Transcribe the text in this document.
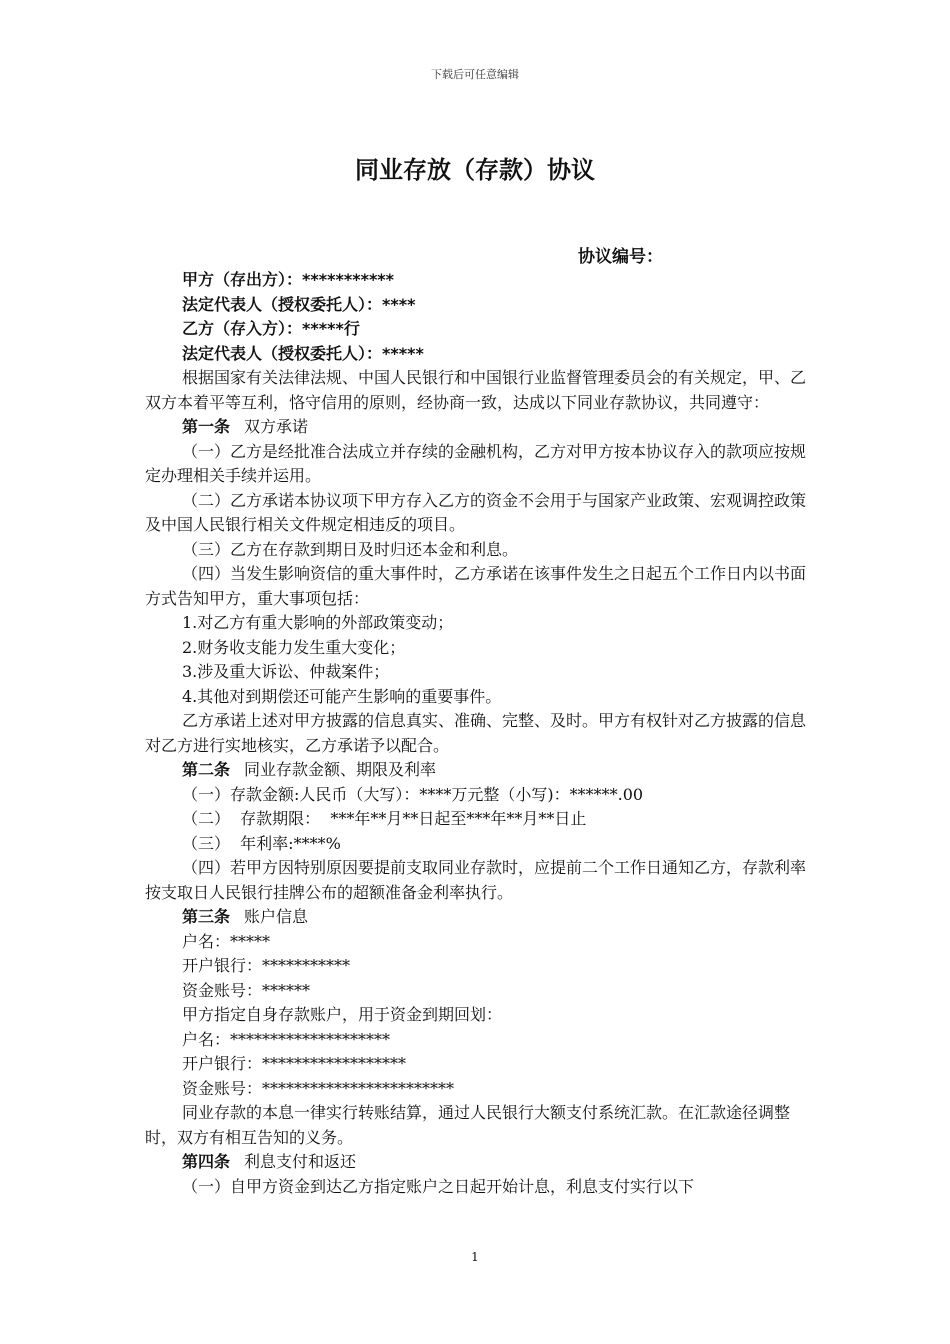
下载后可任意编辑
同业存放（存款）协议
协议编号：

甲方（存出方）：***********

法定代表人（授权委托人）：****

乙方（存入方）：*****行

法定代表人（授权委托人）：*****

根据国家有关法律法规、中国人民银行和中国银行业监督管理委员会的有关规定，甲、乙双方本着平等互利，恪守信用的原则，经协商一致，达成以下同业存款协议，共同遵守：

第一条 双方承诺

（一）乙方是经批准合法成立并存续的金融机构，乙方对甲方按本协议存入的款项应按规定办理相关手续并运用。

（二）乙方承诺本协议项下甲方存入乙方的资金不会用于与国家产业政策、宏观调控政策及中国人民银行相关文件规定相违反的项目。

（三）乙方在存款到期日及时归还本金和利息。

（四）当发生影响资信的重大事件时，乙方承诺在该事件发生之日起五个工作日内以书面方式告知甲方，重大事项包括：

1.对乙方有重大影响的外部政策变动；

2.财务收支能力发生重大变化；

3.涉及重大诉讼、仲裁案件；

4.其他对到期偿还可能产生影响的重要事件。

乙方承诺上述对甲方披露的信息真实、准确、完整、及时。甲方有权针对乙方披露的信息对乙方进行实地核实，乙方承诺予以配合。

第二条 同业存款金额、期限及利率

（一）存款金额:人民币（大写）：****万元整（小写)：******.00

（二）  存款期限：  ***年**月**日起至***年**月**日止

（三）  年利率:****%

（四）若甲方因特别原因要提前支取同业存款时，应提前二个工作日通知乙方，存款利率按支取日人民银行挂牌公布的超额准备金利率执行。

第三条 账户信息

户名：*****

开户银行：***********

资金账号：******

甲方指定自身存款账户，用于资金到期回划：

户名：********************

开户银行：******************

资金账号：************************

同业存款的本息一律实行转账结算，通过人民银行大额支付系统汇款。在汇款途径调整时，双方有相互告知的义务。

第四条 利息支付和返还

（一）自甲方资金到达乙方指定账户之日起开始计息，利息支付实行以下

1
